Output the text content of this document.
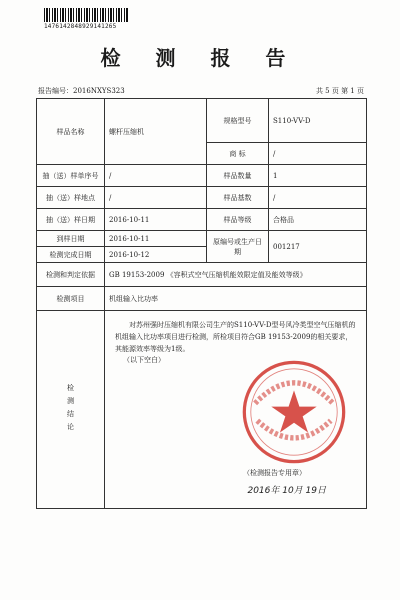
1476142848929141265
检 测 报 告
报告编号：2016NXYS323	共 5 页 第 1 页
样品名称	螺杆压缩机	规格型号	S110-VV-D
		商 标	/
抽（送）样单序号	/	样品数量	1
抽（送）样地点	/	样品基数	/
抽（送）样日期	2016-10-11	样品等级	合格品
到样日期	2016-10-11	原编号或生产日期	001217
检测完成日期	2016-10-12		
检测和判定依据	GB 19153-2009 《容积式空气压缩机能效限定值及能效等级》		
检测项目	机组输入比功率		

检测结论	对苏州强时压缩机有限公司生产的S110-VV-D型号风冷类型空气压缩机的机组输入比功率项目进行检测，所检项目符合GB 19153-2009的相关要求，其能源效率等级为1级。
（以下空白）
（检测报告专用章）
2016年 10月 19日		
